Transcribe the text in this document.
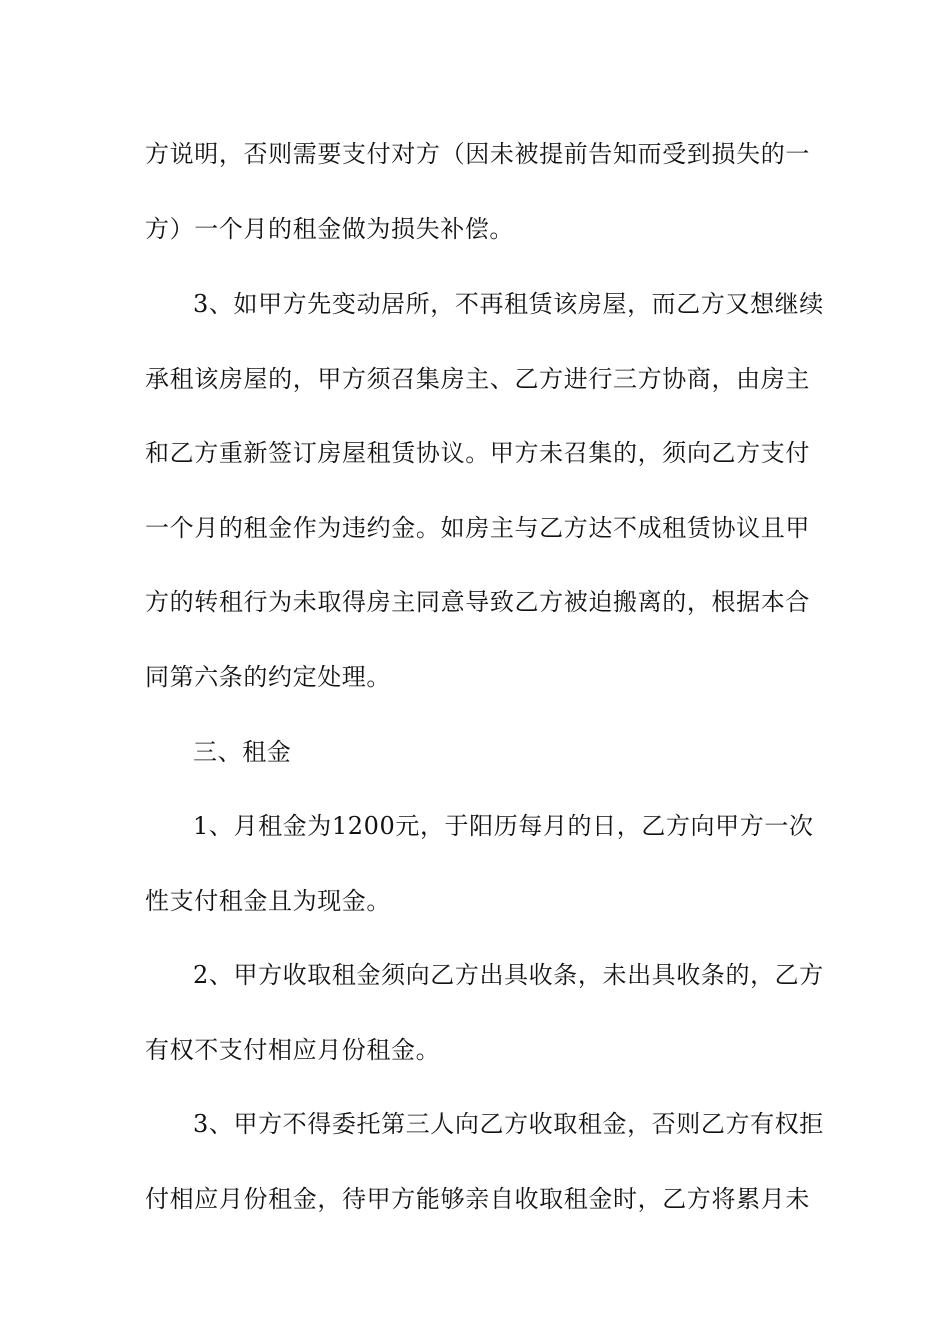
方说明，否则需要支付对方（因未被提前告知而受到损失的一
方）一个月的租金做为损失补偿。
3、如甲方先变动居所，不再租赁该房屋，而乙方又想继续
承租该房屋的，甲方须召集房主、乙方进行三方协商，由房主
和乙方重新签订房屋租赁协议。甲方未召集的，须向乙方支付
一个月的租金作为违约金。如房主与乙方达不成租赁协议且甲
方的转租行为未取得房主同意导致乙方被迫搬离的，根据本合
同第六条的约定处理。
三、租金
1、月租金为1200元，于阳历每月的日，乙方向甲方一次
性支付租金且为现金。
2、甲方收取租金须向乙方出具收条，未出具收条的，乙方
有权不支付相应月份租金。
3、甲方不得委托第三人向乙方收取租金，否则乙方有权拒
付相应月份租金，待甲方能够亲自收取租金时，乙方将累月未
